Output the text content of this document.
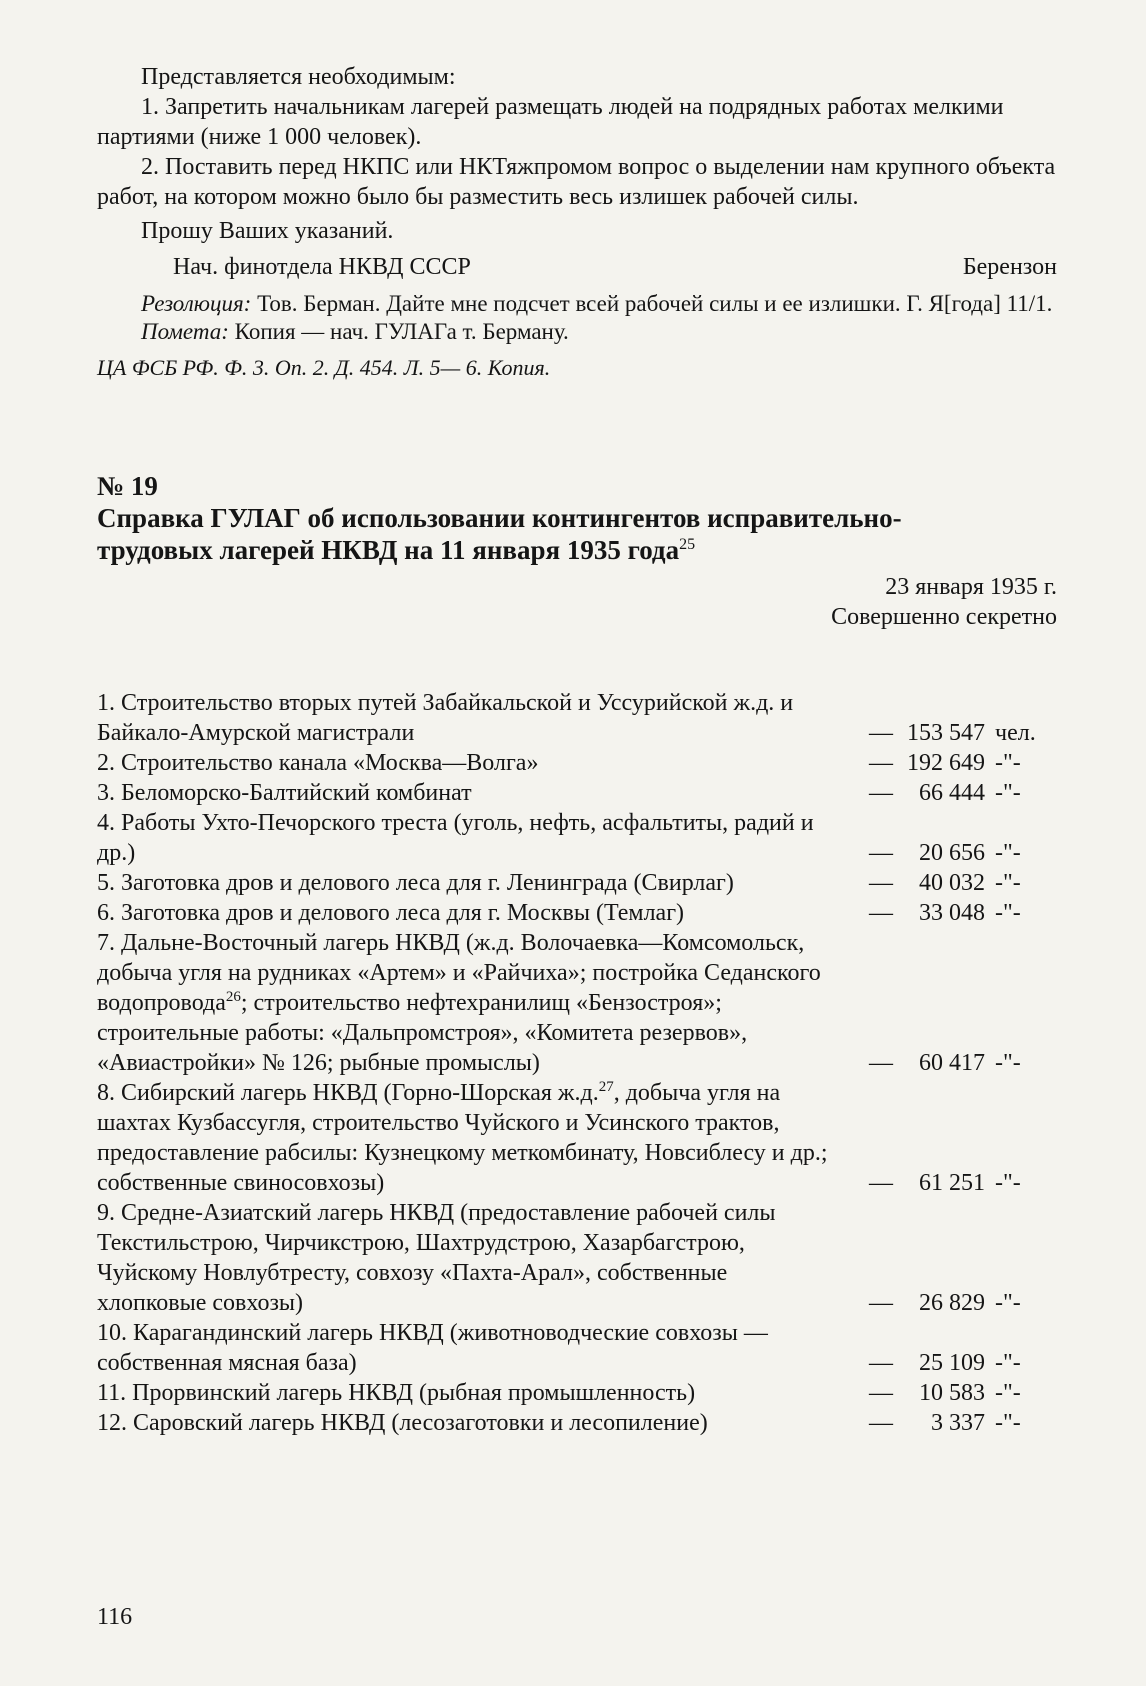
Представляется необходимым:

1. Запретить начальникам лагерей размещать людей на подрядных работах мелкими партиями (ниже 1 000 человек).

2. Поставить перед НКПС или НКТяжпромом вопрос о выделении нам крупного объекта работ, на котором можно было бы разместить весь излишек рабочей силы.

Прошу Ваших указаний.

Нач. финотдела НКВД СССР	Берензон

Резолюция: Тов. Берман. Дайте мне подсчет всей рабочей силы и ее излишки. Г. Я[года] 11/1.

Помета: Копия — нач. ГУЛАГа т. Берману.

ЦА ФСБ РФ. Ф. 3. Оп. 2. Д. 454. Л. 5— 6. Копия.

№ 19

Справка ГУЛАГ об использовании контингентов исправительно-трудовых лагерей НКВД на 11 января 1935 года$^{25}$

23 января 1935 г.

Совершенно секретно

1. Строительство вторых путей Забайкальской и Уссурийской ж.д. и Байкало-Амурской магистрали	— 153 547 чел.
2. Строительство канала «Москва—Волга»	— 192 649 -"-
3. Беломорско-Балтийский комбинат	—	66 444 -"-
4. Работы Ухто-Печорского треста (уголь, нефть, асфальтиты, радий и др.)	—	20 656 -"-
5. Заготовка дров и делового леса для г. Ленинграда (Свирлаг)	—	40 032 -"-
6. Заготовка дров и делового леса для г. Москвы (Темлаг)	—	33 048 -"-
7. Дальне-Восточный лагерь НКВД (ж.д. Волочаевка—Комсомольск, добыча угля на рудниках «Артем» и «Райчиха»; постройка Седанского водопровода$^{26}$; строительство нефтехранилищ «Бензостроя»; строительные работы: «Дальпромстроя», «Комитета резервов», «Авиастройки» № 126; рыбные промыслы)	—	60 417 -"-
8. Сибирский лагерь НКВД (Горно-Шорская ж.д.$^{27}$, добыча угля на шахтах Кузбассугля, строительство Чуйского и Усинского трактов, предоставление рабсилы: Кузнецкому меткомбинату, Новсиблесу и др.; собственные свиносовхозы)	—	61 251 -"-
9. Средне-Азиатский лагерь НКВД (предоставление рабочей силы Текстильстрою, Чирчикстрою, Шахтрудстрою, Хазарбагстрою, Чуйскому Новлубтресту, совхозу «Пахта-Арал», собственные хлопковые совхозы)	—	26 829 -"-
10. Карагандинский лагерь НКВД (животноводческие совхозы — собственная мясная база)	—	25 109 -"-
11. Прорвинский лагерь НКВД (рыбная промышленность)	—	10 583 -"-
12. Саровский лагерь НКВД (лесозаготовки и лесопиление)	—	3 337 -"-
116
